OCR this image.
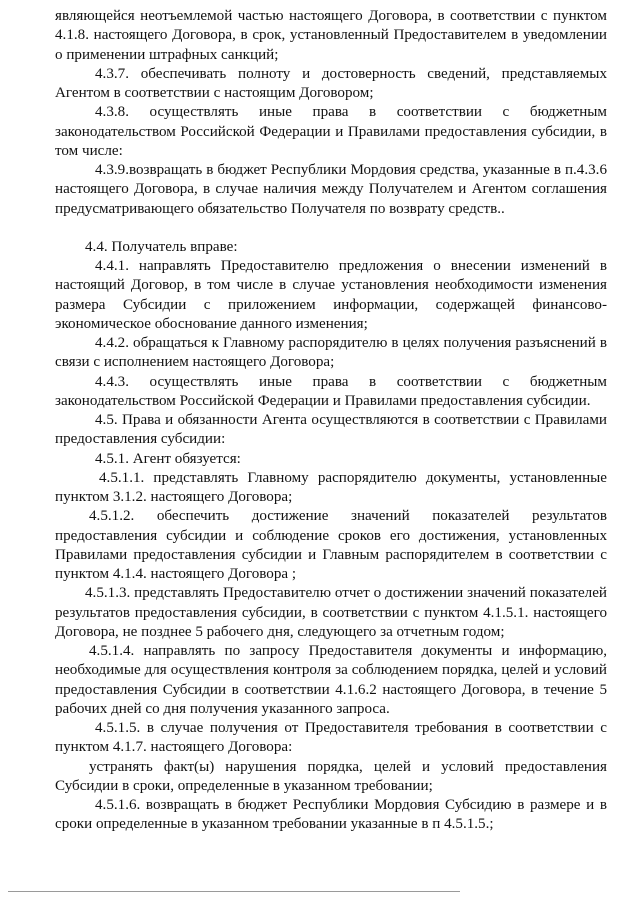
являющейся неотъемлемой частью настоящего Договора, в соответствии с пунктом 4.1.8. настоящего Договора, в срок, установленный Предоставителем в уведомлении о применении штрафных санкций;

4.3.7. обеспечивать полноту и достоверность сведений, представляемых Агентом в соответствии с настоящим Договором;

4.3.8. осуществлять иные права в соответствии с бюджетным законодательством Российской Федерации и Правилами предоставления субсидии, в том числе:

4.3.9.возвращать в бюджет Республики Мордовия средства, указанные в п.4.3.6 настоящего Договора, в случае наличия между Получателем и Агентом соглашения предусматривающего обязательство Получателя по возврату средств..

4.4. Получатель вправе:

4.4.1. направлять Предоставителю предложения о внесении изменений в настоящий Договор, в том числе в случае установления необходимости изменения размера Субсидии с приложением информации, содержащей финансово-экономическое обоснование данного изменения;

4.4.2. обращаться к Главному распорядителю в целях получения разъяснений в связи с исполнением настоящего Договора;

4.4.3. осуществлять иные права в соответствии с бюджетным законодательством Российской Федерации и Правилами предоставления субсидии.

4.5. Права и обязанности Агента осуществляются в соответствии с Правилами предоставления субсидии:

4.5.1. Агент обязуется:

4.5.1.1. представлять Главному распорядителю документы, установленные пунктом 3.1.2. настоящего Договора;

4.5.1.2. обеспечить достижение значений показателей результатов предоставления субсидии и соблюдение сроков его достижения, установленных Правилами предоставления субсидии и Главным распорядителем в соответствии с пунктом 4.1.4. настоящего Договора ;

4.5.1.3. представлять Предоставителю отчет о достижении значений показателей результатов предоставления субсидии, в соответствии с пунктом 4.1.5.1. настоящего Договора, не позднее 5 рабочего дня, следующего за отчетным годом;

4.5.1.4. направлять по запросу Предоставителя документы и информацию, необходимые для осуществления контроля за соблюдением порядка, целей и условий предоставления Субсидии в соответствии 4.1.6.2 настоящего Договора, в течение 5 рабочих дней со дня получения указанного запроса.

4.5.1.5. в случае получения от Предоставителя требования в соответствии с пунктом 4.1.7. настоящего Договора:

устранять факт(ы) нарушения порядка, целей и условий предоставления Субсидии в сроки, определенные в указанном требовании;

4.5.1.6. возвращать в бюджет Республики Мордовия Субсидию в размере и в сроки определенные в указанном требовании указанные в п 4.5.1.5.;
